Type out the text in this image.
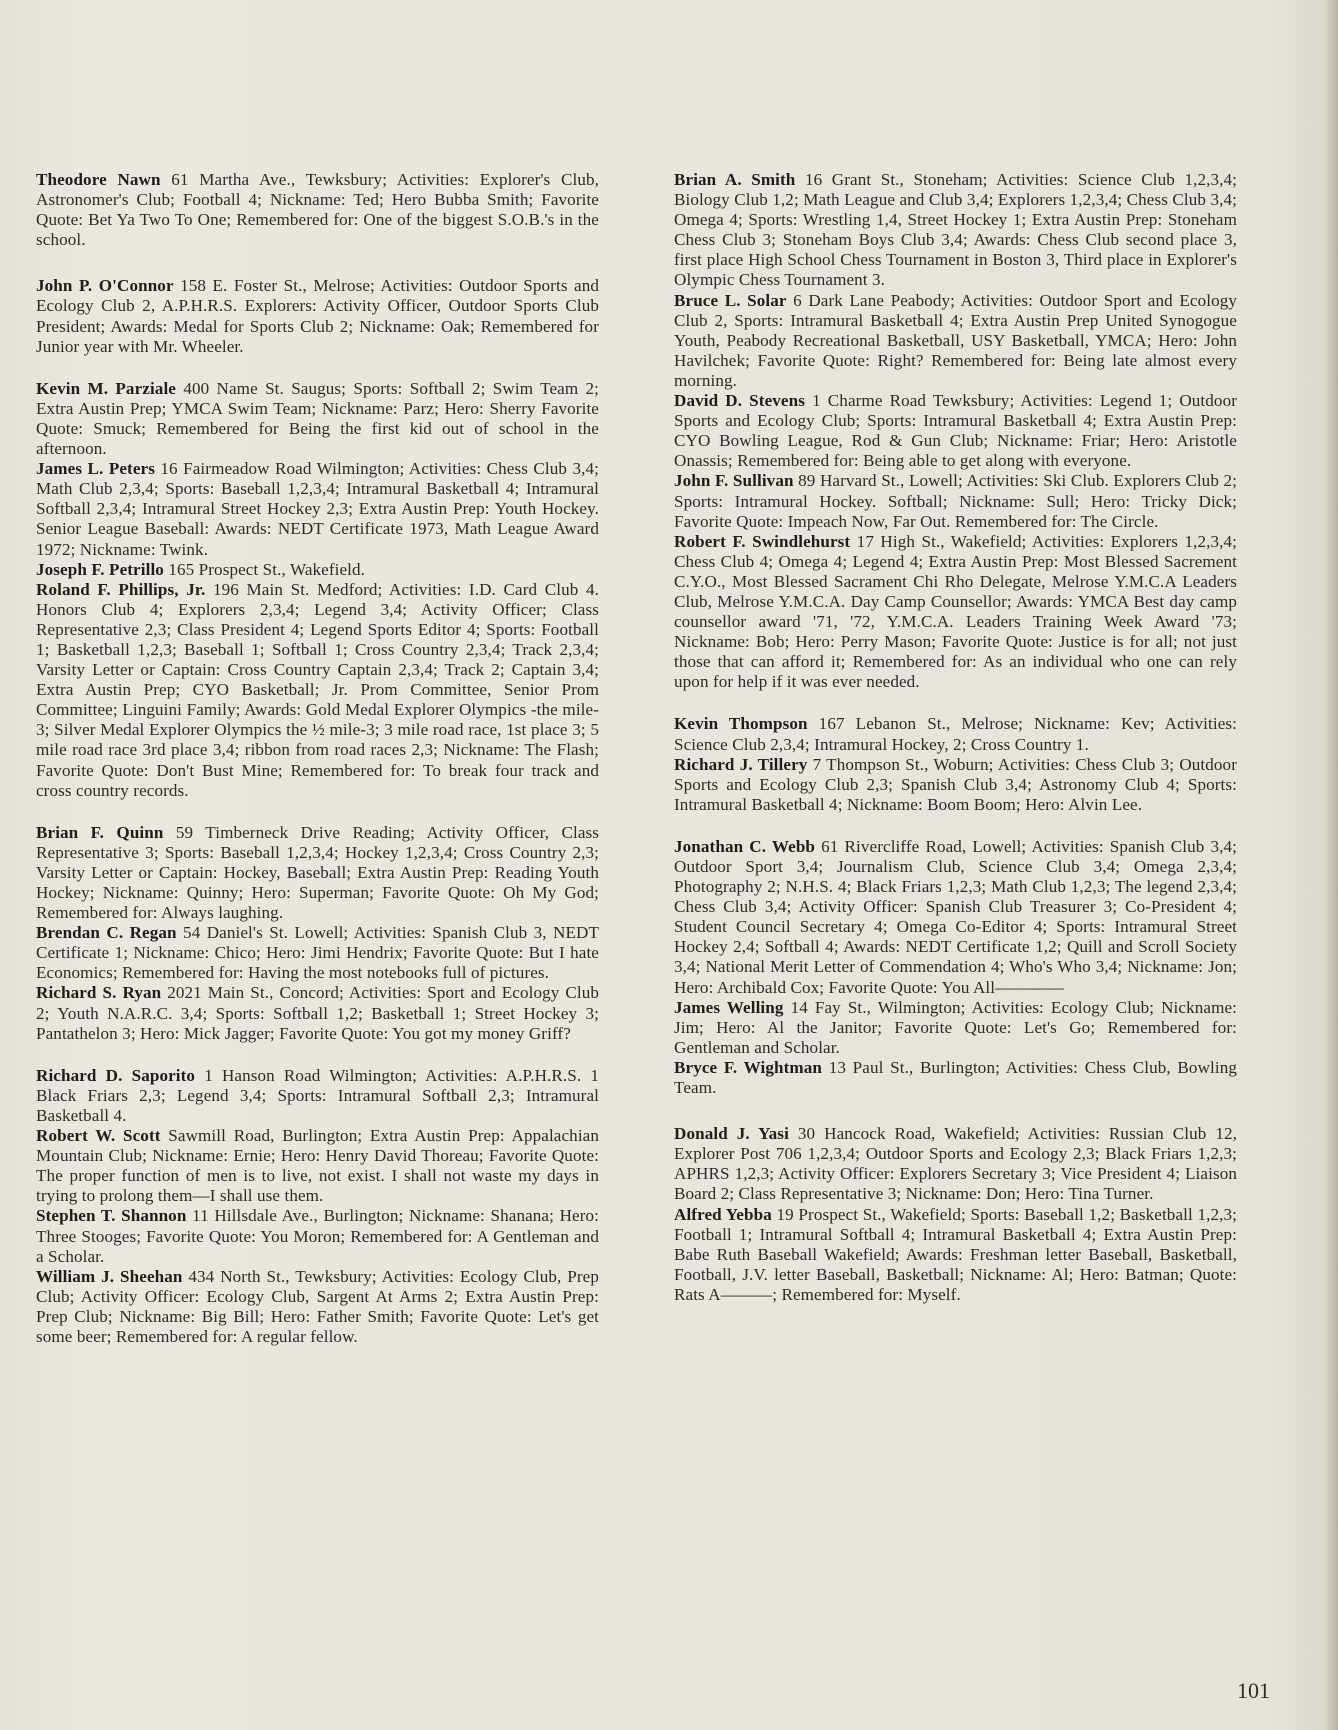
Theodore Nawn 61 Martha Ave., Tewksbury; Activities: Explorer's Club, Astronomer's Club; Football 4; Nickname: Ted; Hero Bubba Smith; Favorite Quote: Bet Ya Two To One; Remembered for: One of the biggest S.O.B.'s in the school.

John P. O'Connor 158 E. Foster St., Melrose; Activities: Outdoor Sports and Ecology Club 2, A.P.H.R.S. Explorers: Activity Officer, Outdoor Sports Club President; Awards: Medal for Sports Club 2; Nickname: Oak; Remembered for Junior year with Mr. Wheeler.

Kevin M. Parziale 400 Name St. Saugus; Sports: Softball 2; Swim Team 2; Extra Austin Prep; YMCA Swim Team; Nickname: Parz; Hero: Sherry Favorite Quote: Smuck; Remembered for Being the first kid out of school in the afternoon.

James L. Peters 16 Fairmeadow Road Wilmington; Activities: Chess Club 3,4; Math Club 2,3,4; Sports: Baseball 1,2,3,4; Intramural Basketball 4; Intramural Softball 2,3,4; Intramural Street Hockey 2,3; Extra Austin Prep: Youth Hockey. Senior League Baseball: Awards: NEDT Certificate 1973, Math League Award 1972; Nickname: Twink.

Joseph F. Petrillo 165 Prospect St., Wakefield.

Roland F. Phillips, Jr. 196 Main St. Medford; Activities: I.D. Card Club 4. Honors Club 4; Explorers 2,3,4; Legend 3,4; Activity Officer; Class Representative 2,3; Class President 4; Legend Sports Editor 4; Sports: Football 1; Basketball 1,2,3; Baseball 1; Softball 1; Cross Country 2,3,4; Track 2,3,4; Varsity Letter or Captain: Cross Country Captain 2,3,4; Track 2; Captain 3,4; Extra Austin Prep; CYO Basketball; Jr. Prom Committee, Senior Prom Committee; Linguini Family; Awards: Gold Medal Explorer Olympics -the mile-3; Silver Medal Explorer Olympics the ½ mile-3; 3 mile road race, 1st place 3; 5 mile road race 3rd place 3,4; ribbon from road races 2,3; Nickname: The Flash; Favorite Quote: Don't Bust Mine; Remembered for: To break four track and cross country records.

Brian F. Quinn 59 Timberneck Drive Reading; Activity Officer, Class Representative 3; Sports: Baseball 1,2,3,4; Hockey 1,2,3,4; Cross Country 2,3; Varsity Letter or Captain: Hockey, Baseball; Extra Austin Prep: Reading Youth Hockey; Nickname: Quinny; Hero: Superman; Favorite Quote: Oh My God; Remembered for: Always laughing.

Brendan C. Regan 54 Daniel's St. Lowell; Activities: Spanish Club 3, NEDT Certificate 1; Nickname: Chico; Hero: Jimi Hendrix; Favorite Quote: But I hate Economics; Remembered for: Having the most notebooks full of pictures.

Richard S. Ryan 2021 Main St., Concord; Activities: Sport and Ecology Club 2; Youth N.A.R.C. 3,4; Sports: Softball 1,2; Basketball 1; Street Hockey 3; Pantathelon 3; Hero: Mick Jagger; Favorite Quote: You got my money Griff?

Richard D. Saporito 1 Hanson Road Wilmington; Activities: A.P.H.R.S. 1 Black Friars 2,3; Legend 3,4; Sports: Intramural Softball 2,3; Intramural Basketball 4.

Robert W. Scott Sawmill Road, Burlington; Extra Austin Prep: Appalachian Mountain Club; Nickname: Ernie; Hero: Henry David Thoreau; Favorite Quote: The proper function of men is to live, not exist. I shall not waste my days in trying to prolong them—I shall use them.

Stephen T. Shannon 11 Hillsdale Ave., Burlington; Nickname: Shanana; Hero: Three Stooges; Favorite Quote: You Moron; Remembered for: A Gentleman and a Scholar.

William J. Sheehan 434 North St., Tewksbury; Activities: Ecology Club, Prep Club; Activity Officer: Ecology Club, Sargent At Arms 2; Extra Austin Prep: Prep Club; Nickname: Big Bill; Hero: Father Smith; Favorite Quote: Let's get some beer; Remembered for: A regular fellow.

Brian A. Smith 16 Grant St., Stoneham; Activities: Science Club 1,2,3,4; Biology Club 1,2; Math League and Club 3,4; Explorers 1,2,3,4; Chess Club 3,4; Omega 4; Sports: Wrestling 1,4, Street Hockey 1; Extra Austin Prep: Stoneham Chess Club 3; Stoneham Boys Club 3,4; Awards: Chess Club second place 3, first place High School Chess Tournament in Boston 3, Third place in Explorer's Olympic Chess Tournament 3.

Bruce L. Solar 6 Dark Lane Peabody; Activities: Outdoor Sport and Ecology Club 2, Sports: Intramural Basketball 4; Extra Austin Prep United Synogogue Youth, Peabody Recreational Basketball, USY Basketball, YMCA; Hero: John Havilchek; Favorite Quote: Right? Remembered for: Being late almost every morning.

David D. Stevens 1 Charme Road Tewksbury; Activities: Legend 1; Outdoor Sports and Ecology Club; Sports: Intramural Basketball 4; Extra Austin Prep: CYO Bowling League, Rod & Gun Club; Nickname: Friar; Hero: Aristotle Onassis; Remembered for: Being able to get along with everyone.

John F. Sullivan 89 Harvard St., Lowell; Activities: Ski Club. Explorers Club 2; Sports: Intramural Hockey. Softball; Nickname: Sull; Hero: Tricky Dick; Favorite Quote: Impeach Now, Far Out. Remembered for: The Circle.

Robert F. Swindlehurst 17 High St., Wakefield; Activities: Explorers 1,2,3,4; Chess Club 4; Omega 4; Legend 4; Extra Austin Prep: Most Blessed Sacrement C.Y.O., Most Blessed Sacrament Chi Rho Delegate, Melrose Y.M.C.A Leaders Club, Melrose Y.M.C.A. Day Camp Counsellor; Awards: YMCA Best day camp counsellor award '71, '72, Y.M.C.A. Leaders Training Week Award '73; Nickname: Bob; Hero: Perry Mason; Favorite Quote: Justice is for all; not just those that can afford it; Remembered for: As an individual who one can rely upon for help if it was ever needed.

Kevin Thompson 167 Lebanon St., Melrose; Nickname: Kev; Activities: Science Club 2,3,4; Intramural Hockey, 2; Cross Country 1.

Richard J. Tillery 7 Thompson St., Woburn; Activities: Chess Club 3; Outdoor Sports and Ecology Club 2,3; Spanish Club 3,4; Astronomy Club 4; Sports: Intramural Basketball 4; Nickname: Boom Boom; Hero: Alvin Lee.

Jonathan C. Webb 61 Rivercliffe Road, Lowell; Activities: Spanish Club 3,4; Outdoor Sport 3,4; Journalism Club, Science Club 3,4; Omega 2,3,4; Photography 2; N.H.S. 4; Black Friars 1,2,3; Math Club 1,2,3; The legend 2,3,4; Chess Club 3,4; Activity Officer: Spanish Club Treasurer 3; Co-President 4; Student Council Secretary 4; Omega Co-Editor 4; Sports: Intramural Street Hockey 2,4; Softball 4; Awards: NEDT Certificate 1,2; Quill and Scroll Society 3,4; National Merit Letter of Commendation 4; Who's Who 3,4; Nickname: Jon; Hero: Archibald Cox; Favorite Quote: You All————

James Welling 14 Fay St., Wilmington; Activities: Ecology Club; Nickname: Jim; Hero: Al the Janitor; Favorite Quote: Let's Go; Remembered for: Gentleman and Scholar.

Bryce F. Wightman 13 Paul St., Burlington; Activities: Chess Club, Bowling Team.

Donald J. Yasi 30 Hancock Road, Wakefield; Activities: Russian Club 12, Explorer Post 706 1,2,3,4; Outdoor Sports and Ecology 2,3; Black Friars 1,2,3; APHRS 1,2,3; Activity Officer: Explorers Secretary 3; Vice President 4; Liaison Board 2; Class Representative 3; Nickname: Don; Hero: Tina Turner.

Alfred Yebba 19 Prospect St., Wakefield; Sports: Baseball 1,2; Basketball 1,2,3; Football 1; Intramural Softball 4; Intramural Basketball 4; Extra Austin Prep: Babe Ruth Baseball Wakefield; Awards: Freshman letter Baseball, Basketball, Football, J.V. letter Baseball, Basketball; Nickname: Al; Hero: Batman; Quote: Rats A———; Remembered for: Myself.

101
